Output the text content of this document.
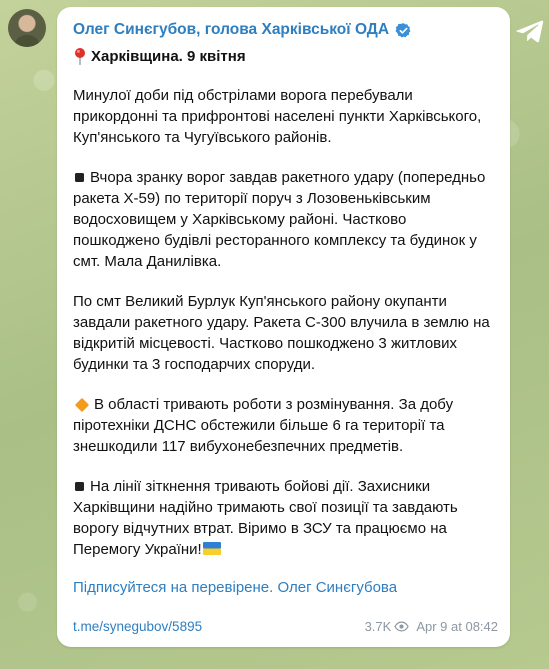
Олег Синєгубов, голова Харківської ОДА
Харківщина. 9 квітня

Минулої доби під обстрілами ворога перебували прикордонні та прифронтові населені пункти Харківського, Куп'янського та Чугуївського районів.

Вчора зранку ворог завдав ракетного удару (попередньо ракета Х-59) по території поруч з Лозовеньківським водосховищем у Харківському районі. Частково пошкоджено будівлі ресторанного комплексу та будинок у смт. Мала Данилівка.

По смт Великий Бурлук Куп'янського району окупанти завдали ракетного удару. Ракета С-300 влучила в землю на відкритій місцевості. Частково пошкоджено 3 житлових будинки та 3 господарчих споруди.

В області тривають роботи з розмінування. За добу піротехніки ДСНС обстежили більше 6 га території та знешкодили 117 вибухонебезпечних предметів.

На лінії зіткнення тривають бойові дії. Захисники Харківщини надійно тримають свої позиції та завдають ворогу відчутних втрат. Віримо в ЗСУ та працюємо на Перемогу України!

Підписуйтеся на перевірене. Олег Синєгубова
t.me/synegubov/5895	3.7K Apr 9 at 08:42
